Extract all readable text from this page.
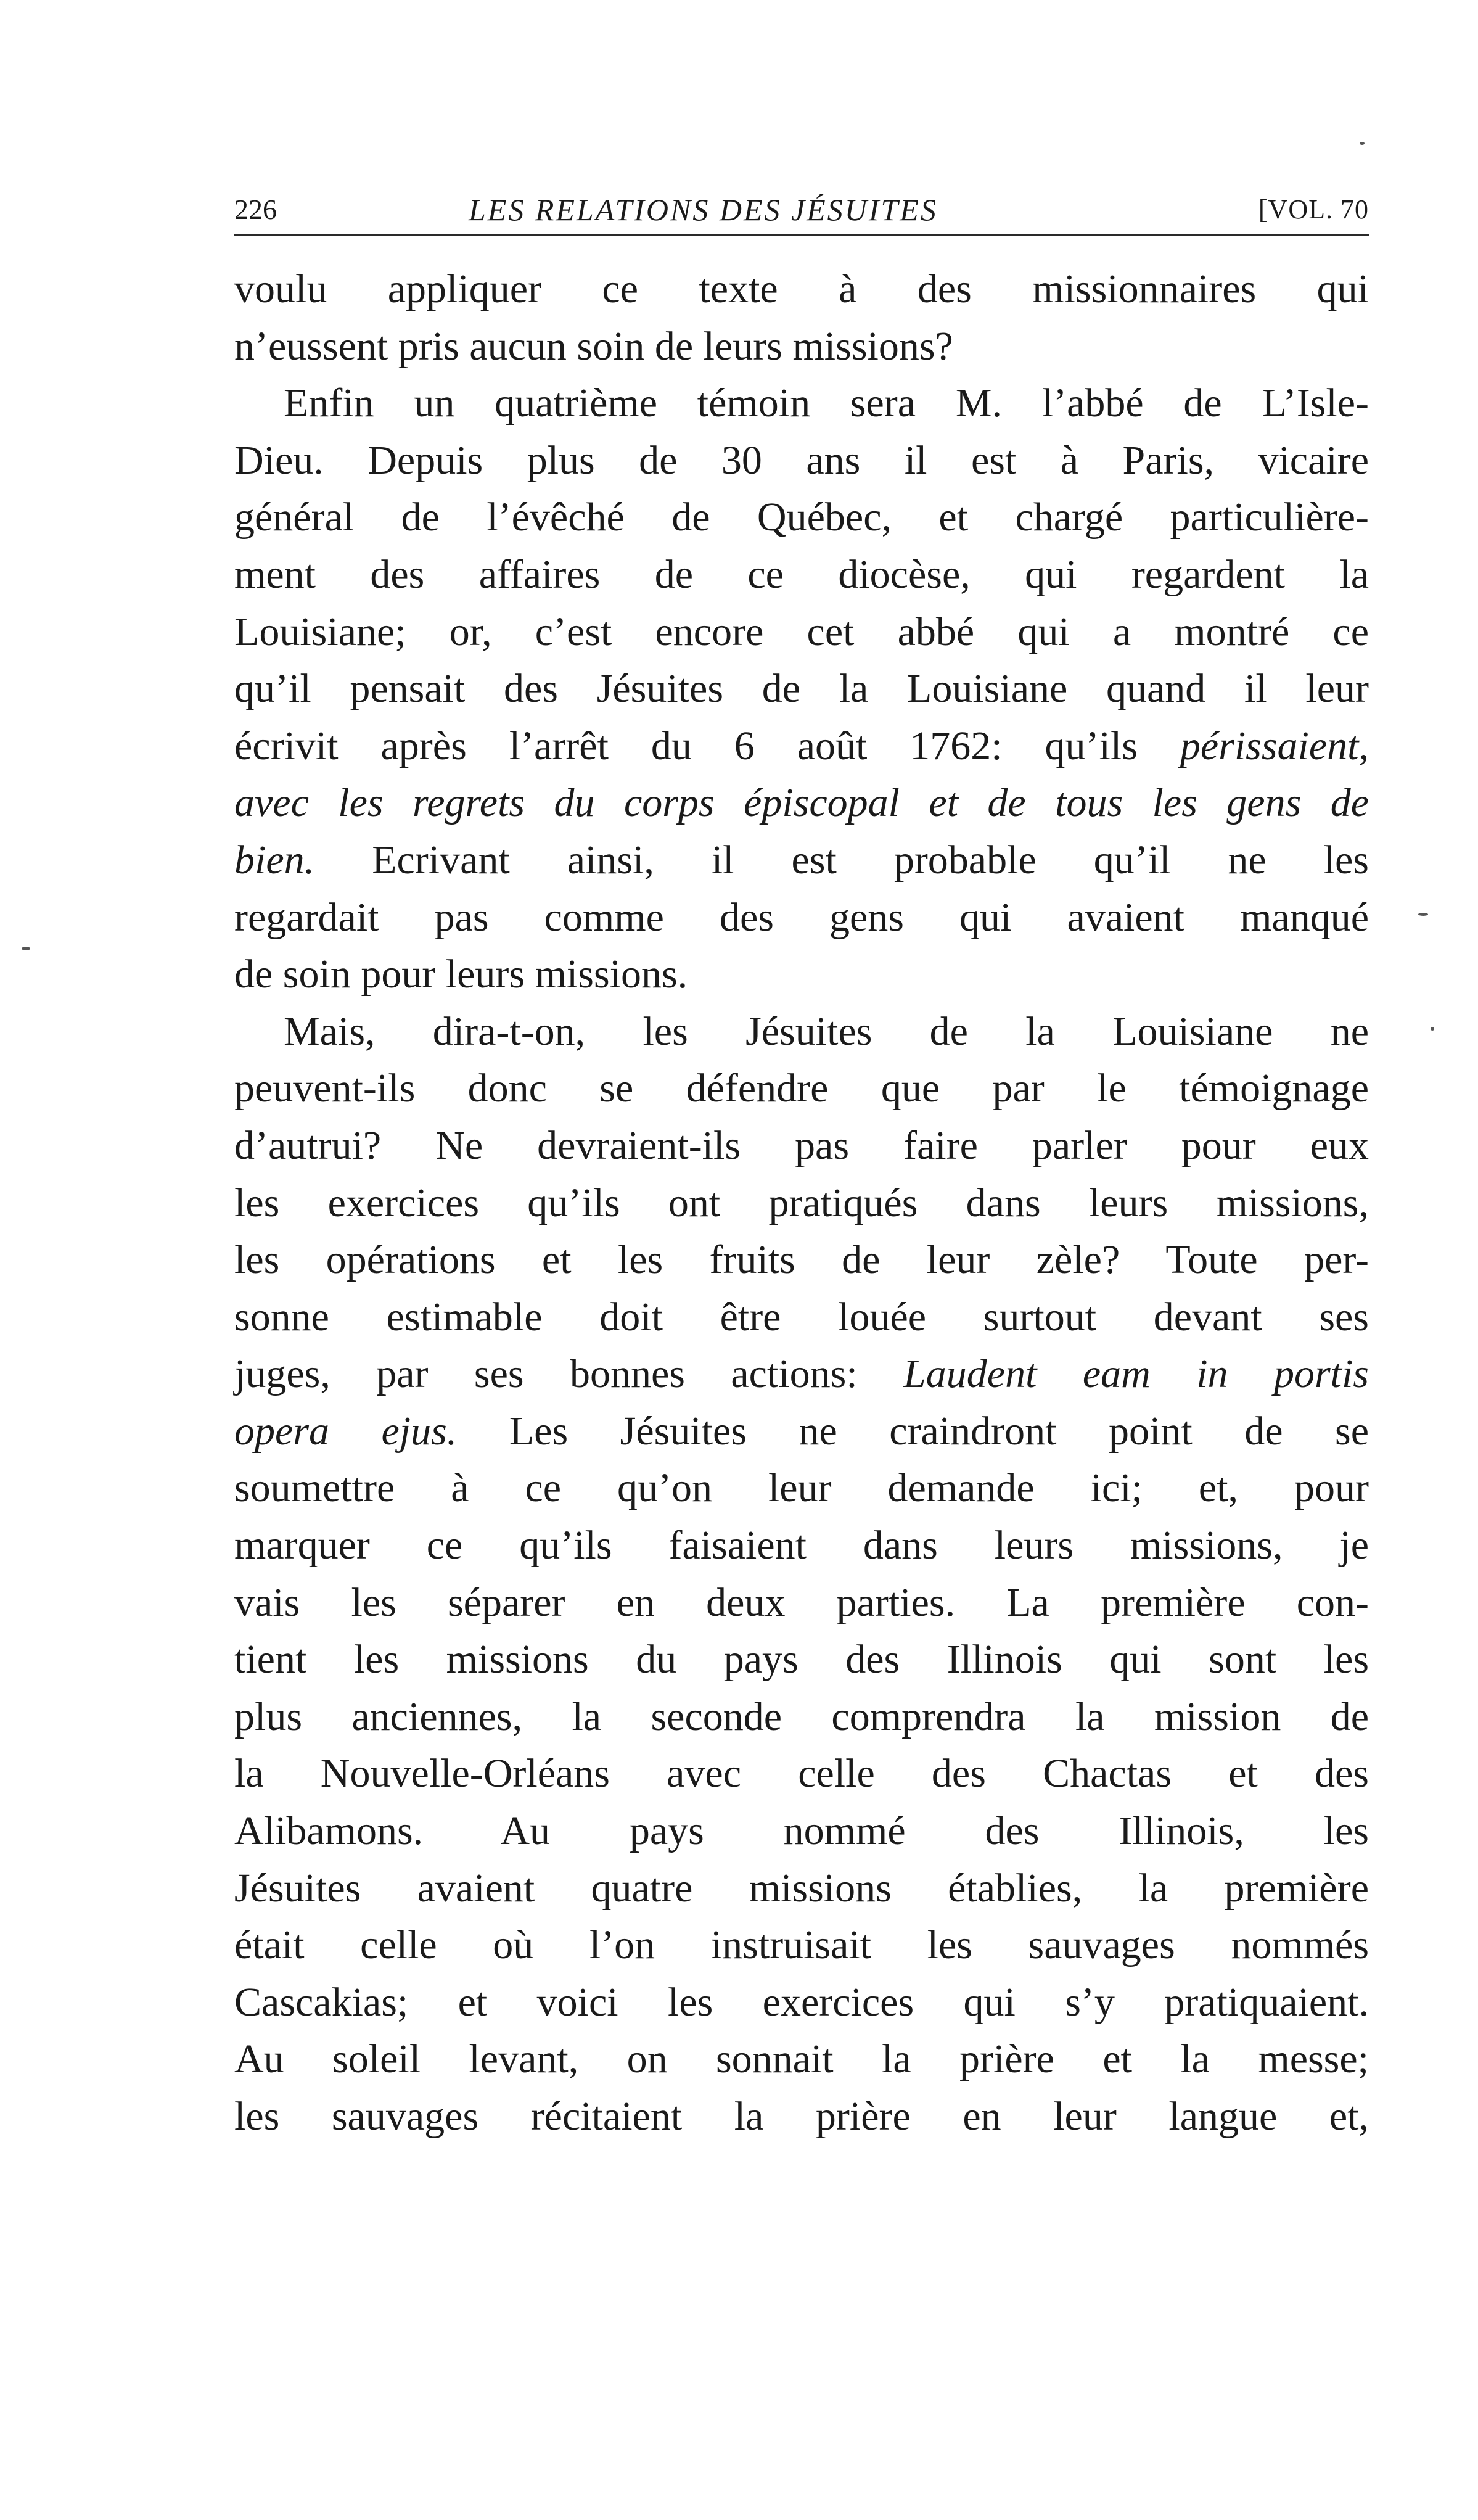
226	LES RELATIONS DES JÉSUITES	[VOL. 70
voulu appliquer ce texte à des missionnaires qui
n’eussent pris aucun soin de leurs missions?
Enfin un quatrième témoin sera M. l’abbé de L’Isle-
Dieu. Depuis plus de 30 ans il est à Paris, vicaire
général de l’évêché de Québec, et chargé particulière-
ment des affaires de ce diocèse, qui regardent la
Louisiane; or, c’est encore cet abbé qui a montré ce
qu’il pensait des Jésuites de la Louisiane quand il leur
écrivit après l’arrêt du 6 août 1762: qu’ils périssaient,
avec les regrets du corps épiscopal et de tous les gens de
bien. Ecrivant ainsi, il est probable qu’il ne les
regardait pas comme des gens qui avaient manqué
de soin pour leurs missions.
Mais, dira-t-on, les Jésuites de la Louisiane ne
peuvent-ils donc se défendre que par le témoignage
d’autrui? Ne devraient-ils pas faire parler pour eux
les exercices qu’ils ont pratiqués dans leurs missions,
les opérations et les fruits de leur zèle? Toute per-
sonne estimable doit être louée surtout devant ses
juges, par ses bonnes actions: Laudent eam in portis
opera ejus. Les Jésuites ne craindront point de se
soumettre à ce qu’on leur demande ici; et, pour
marquer ce qu’ils faisaient dans leurs missions, je
vais les séparer en deux parties. La première con-
tient les missions du pays des Illinois qui sont les
plus anciennes, la seconde comprendra la mission de
la Nouvelle-Orléans avec celle des Chactas et des
Alibamons. Au pays nommé des Illinois, les
Jésuites avaient quatre missions établies, la première
était celle où l’on instruisait les sauvages nommés
Cascakias; et voici les exercices qui s’y pratiquaient.
Au soleil levant, on sonnait la prière et la messe;
les sauvages récitaient la prière en leur langue et,
